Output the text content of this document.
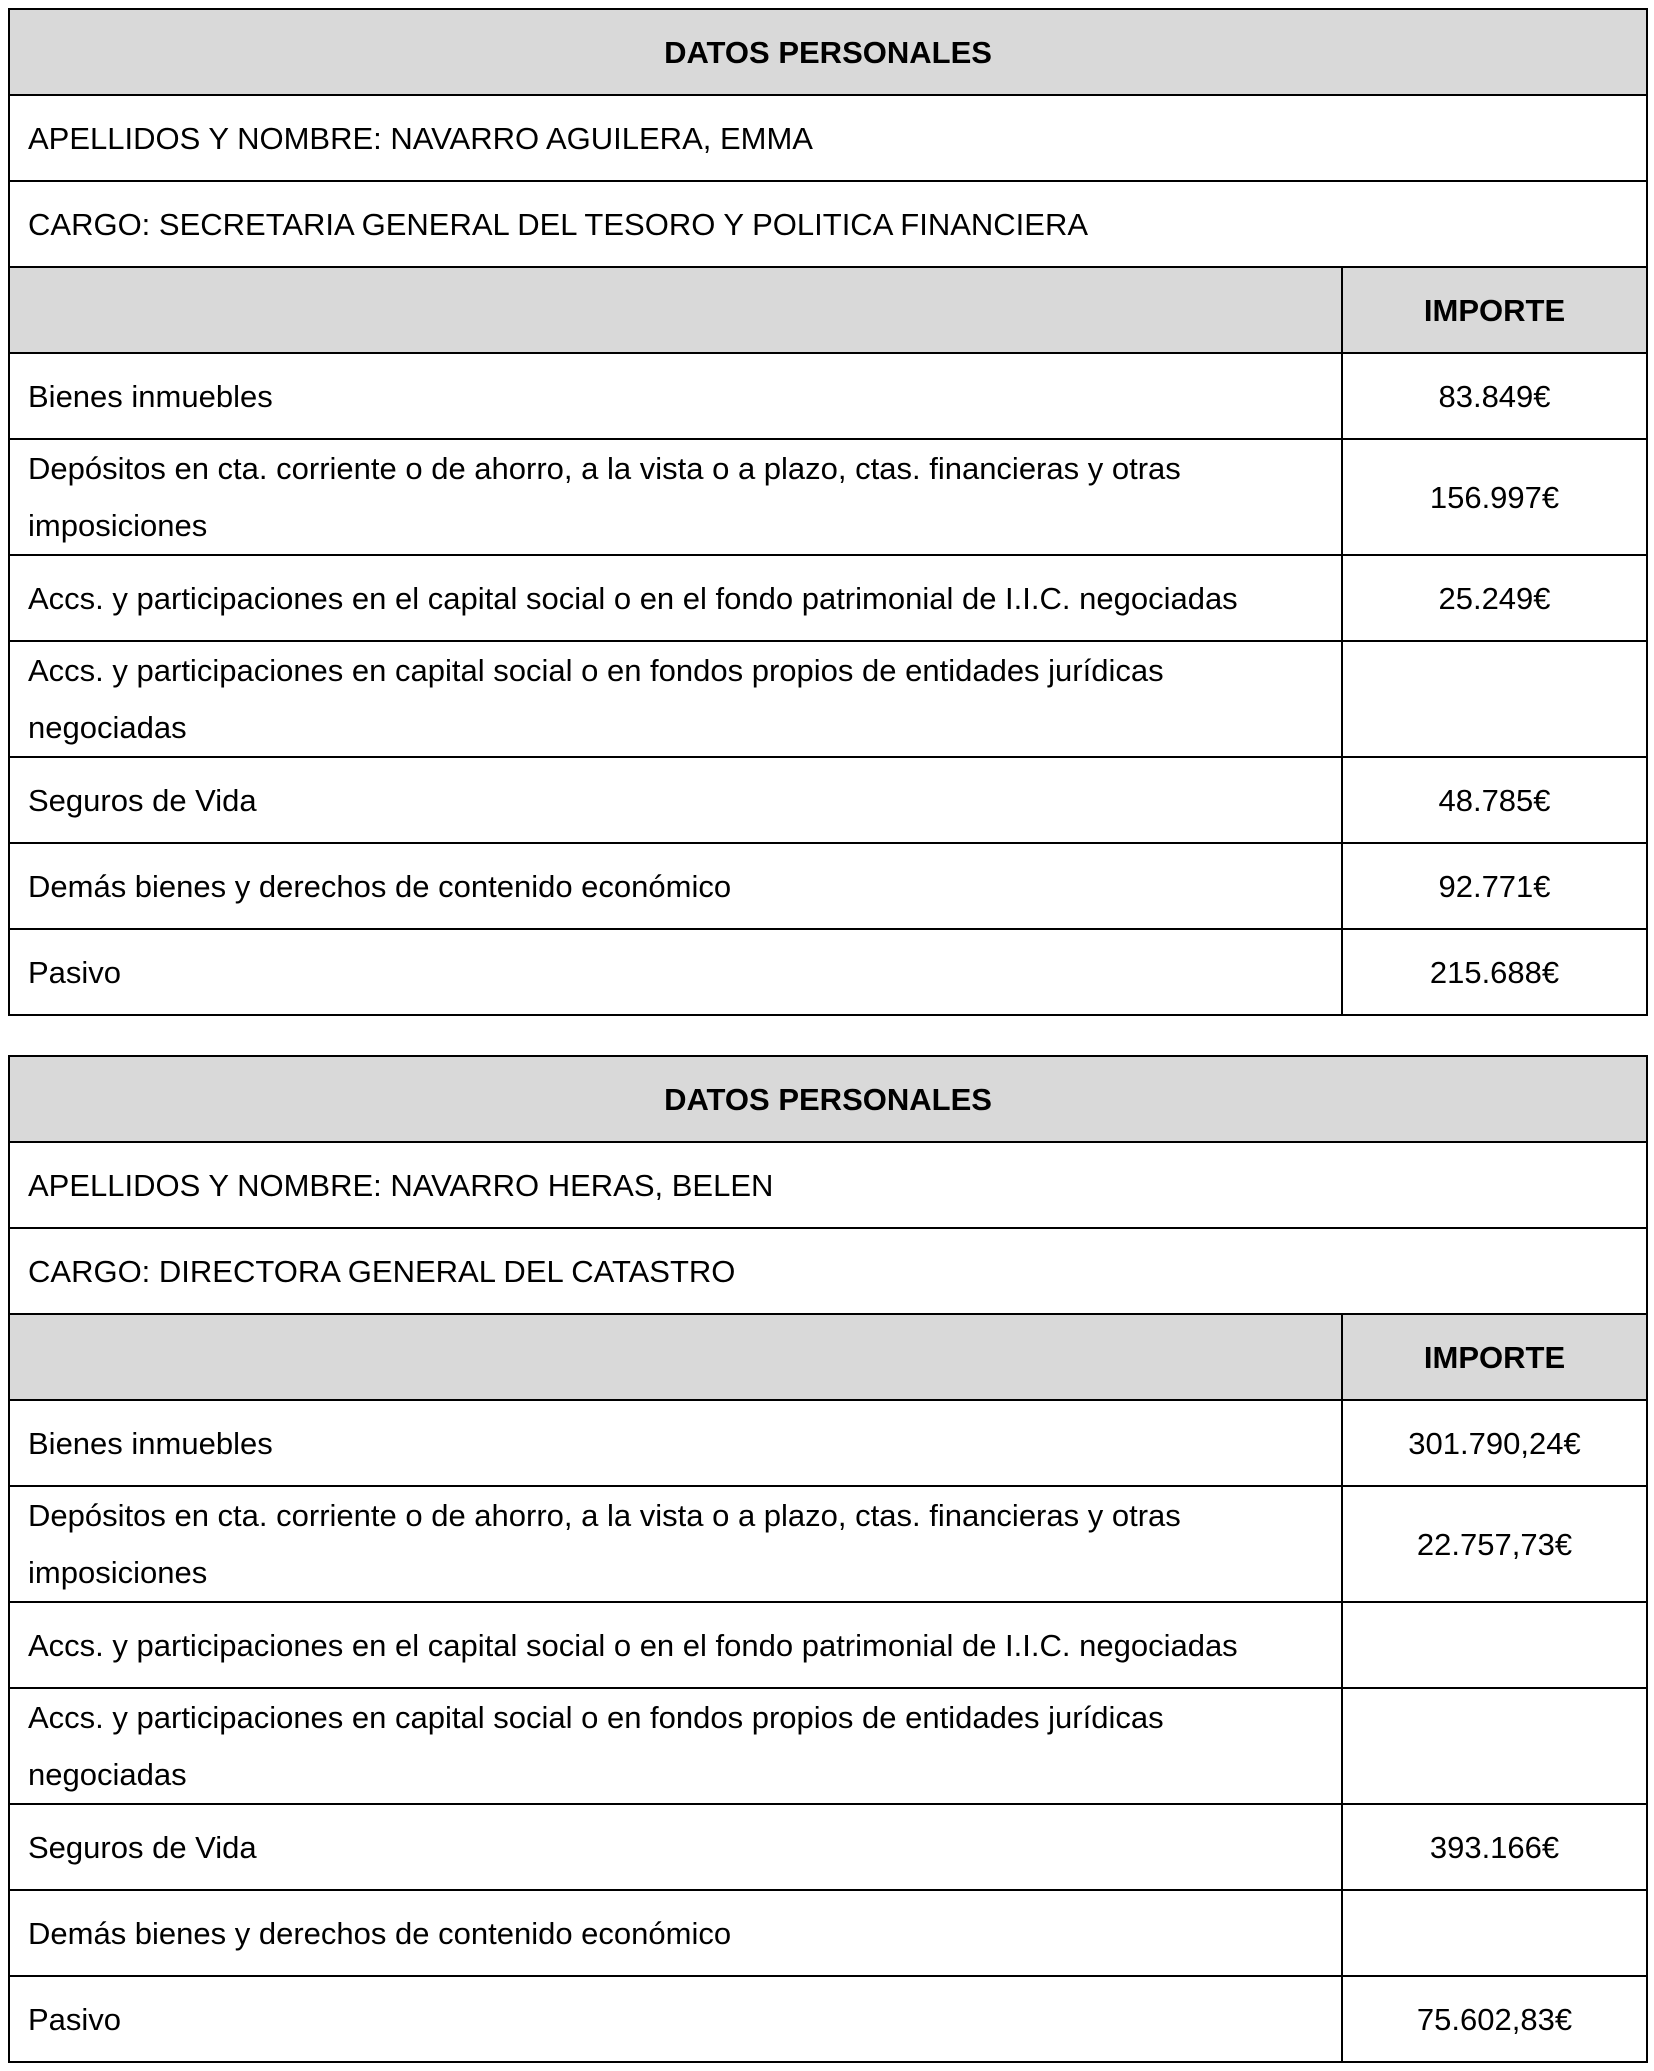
DATOS PERSONALES	
APELLIDOS Y NOMBRE: NAVARRO AGUILERA, EMMA	
CARGO: SECRETARIA GENERAL DEL TESORO Y POLITICA FINANCIERA	
	IMPORTE
Bienes inmuebles	83.849€
Depósitos en cta. corriente o de ahorro, a la vista o a plazo, ctas. financieras y otras imposiciones	156.997€
Accs. y participaciones en el capital social o en el fondo patrimonial de I.I.C. negociadas	25.249€
Accs. y participaciones en capital social o en fondos propios de entidades jurídicas negociadas	
Seguros de Vida	48.785€
Demás bienes y derechos de contenido económico	92.771€
Pasivo	215.688€
DATOS PERSONALES	
APELLIDOS Y NOMBRE: NAVARRO HERAS, BELEN	
CARGO: DIRECTORA GENERAL DEL CATASTRO	
	IMPORTE
Bienes inmuebles	301.790,24€
Depósitos en cta. corriente o de ahorro, a la vista o a plazo, ctas. financieras y otras imposiciones	22.757,73€
Accs. y participaciones en el capital social o en el fondo patrimonial de I.I.C. negociadas	
Accs. y participaciones en capital social o en fondos propios de entidades jurídicas negociadas	
Seguros de Vida	393.166€
Demás bienes y derechos de contenido económico	
Pasivo	75.602,83€
